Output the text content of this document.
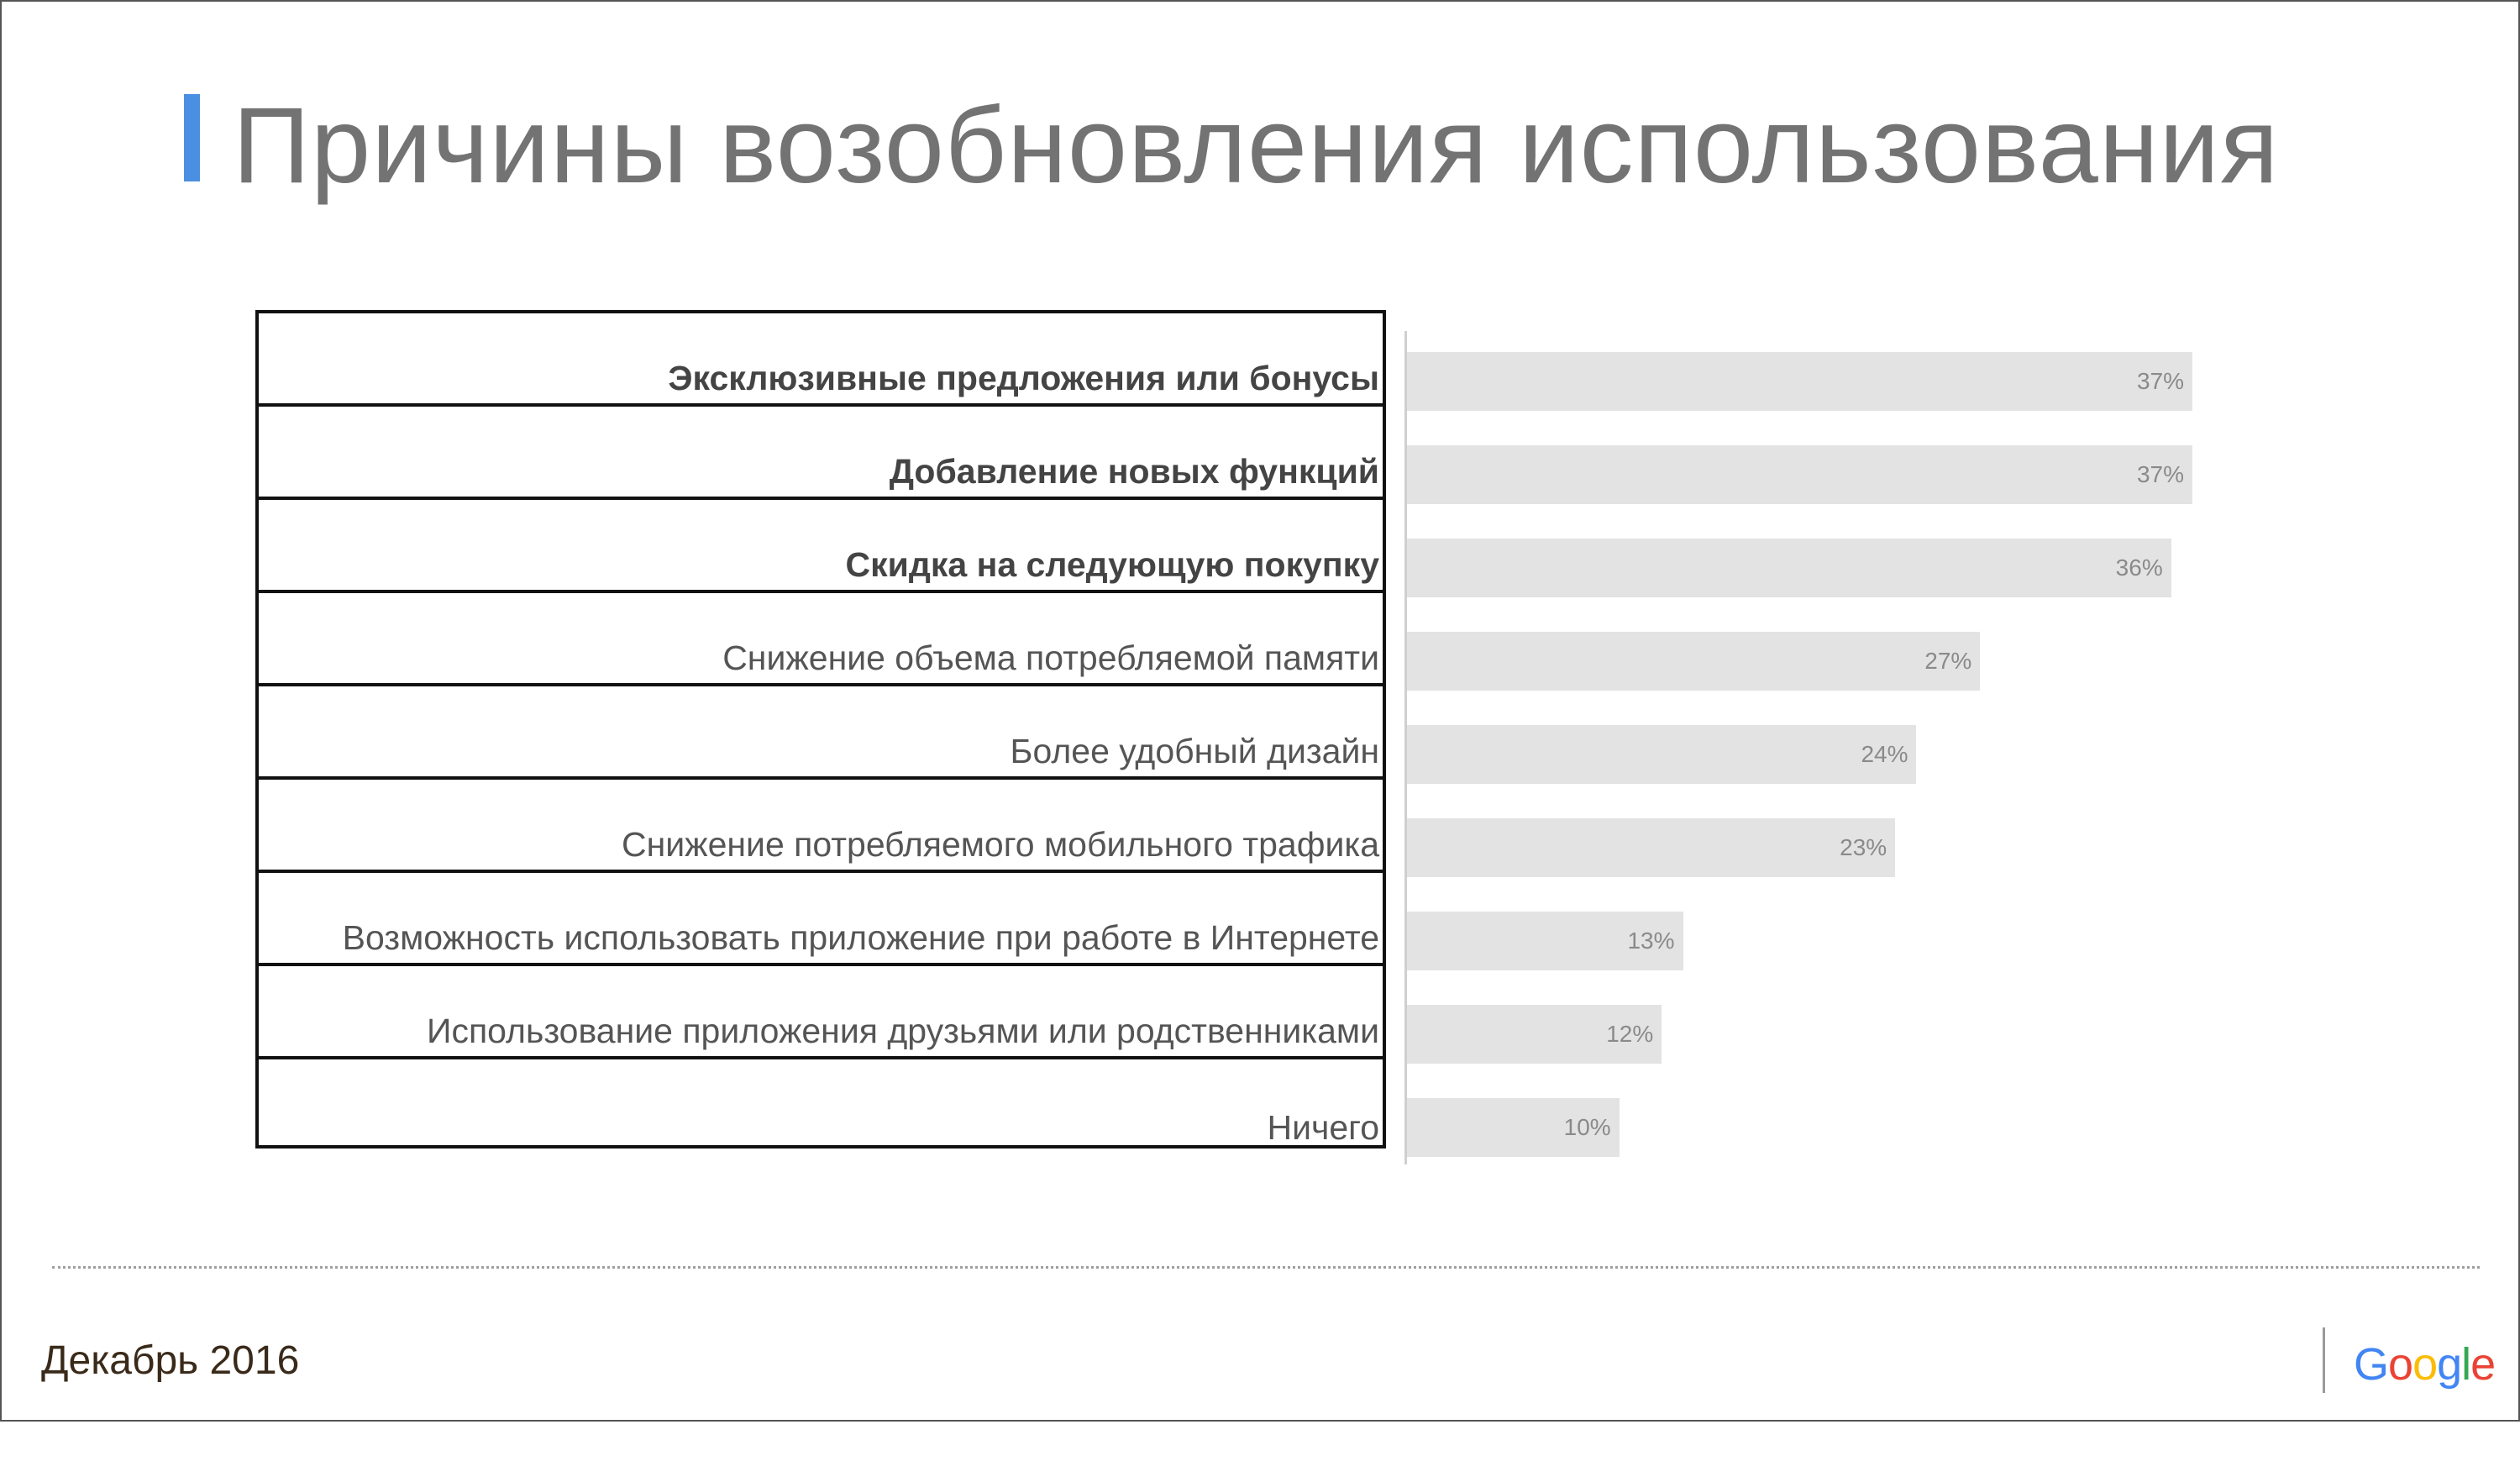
Причины возобновления использования
Эксклюзивные предложения или бонусы
Добавление новых функций
Скидка на следующую покупку
Снижение объема потребляемой памяти
Более удобный дизайн
Снижение потребляемого мобильного трафика
Возможность использовать приложение при работе в Интернете
Использование приложения друзьями или родственниками
Ничего
37%
37%
36%
27%
24%
23%
13%
12%
10%
Декабрь 2016	Google
